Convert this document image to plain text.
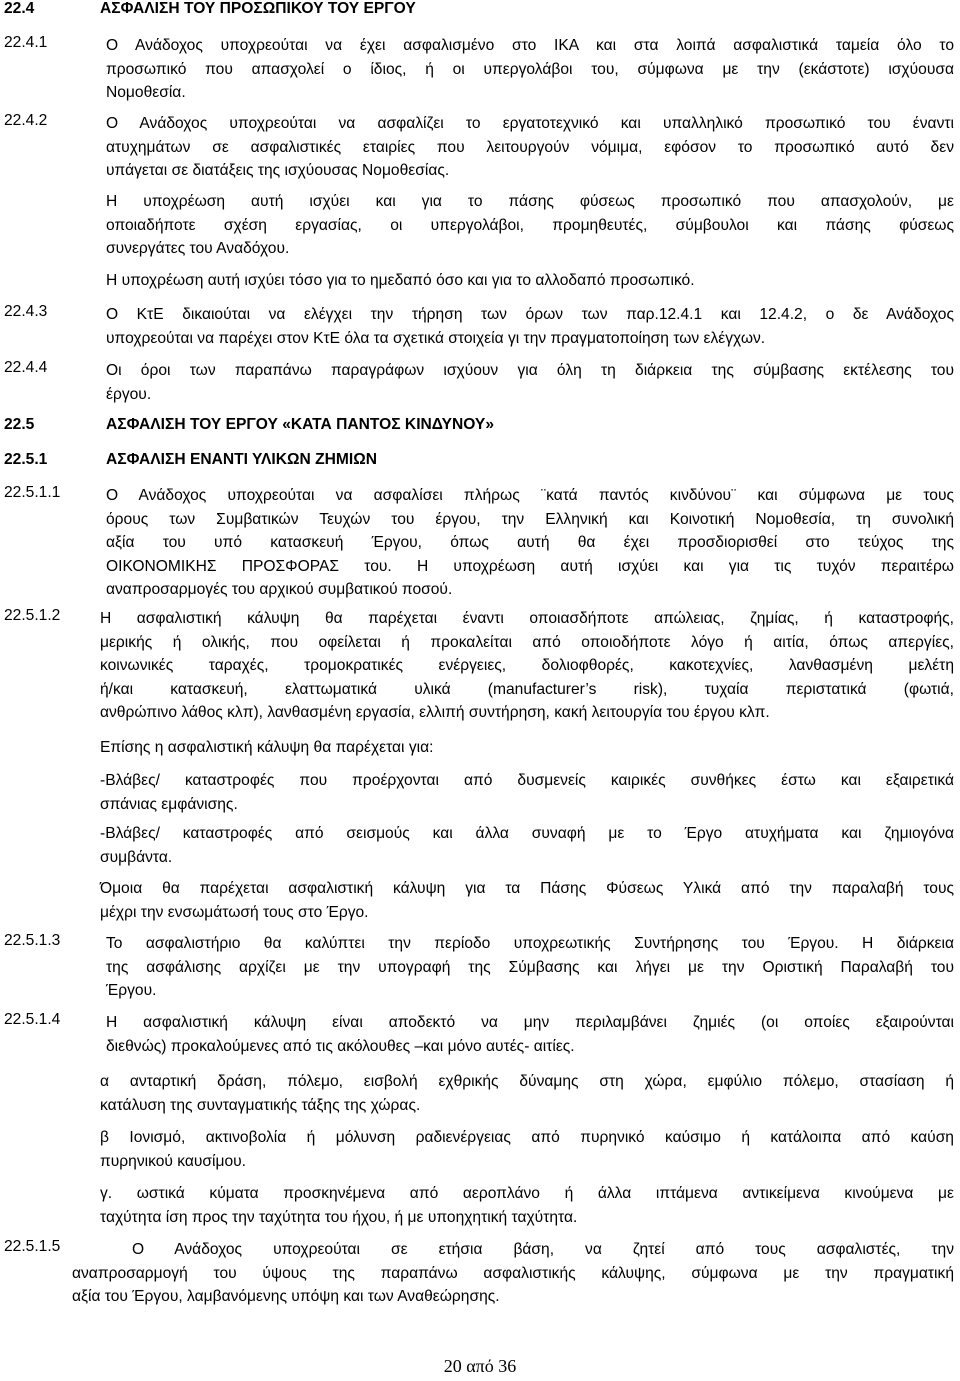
22.4	ΑΣΦΑΛΙΣΗ ΤΟΥ ΠΡΟΣΩΠΙΚΟΥ ΤΟΥ ΕΡΓΟΥ
22.4.1	Ο Ανάδοχος υποχρεούται να έχει ασφαλισμένο στο ΙΚΑ και στα λοιπά ασφαλιστικά ταμεία όλο το
προσωπικό που απασχολεί ο ίδιος, ή οι υπεργολάβοι του, σύμφωνα με την (εκάστοτε) ισχύουσα
Νομοθεσία.
22.4.2	Ο Ανάδοχος υποχρεούται να ασφαλίζει το εργατοτεχνικό και υπαλληλικό προσωπικό του έναντι
ατυχημάτων σε ασφαλιστικές εταιρίες που λειτουργούν νόμιμα, εφόσον το προσωπικό αυτό δεν
υπάγεται σε διατάξεις της ισχύουσας Νομοθεσίας.
Η υποχρέωση αυτή ισχύει και για το πάσης φύσεως προσωπικό που απασχολούν, με
οποιαδήποτε σχέση εργασίας, οι υπεργολάβοι, προμηθευτές, σύμβουλοι και πάσης φύσεως
συνεργάτες του Αναδόχου.
Η υποχρέωση αυτή ισχύει τόσο για το ημεδαπό όσο και για το αλλοδαπό προσωπικό.
22.4.3	Ο ΚτΕ δικαιούται να ελέγχει την τήρηση των όρων των παρ.12.4.1 και 12.4.2, ο δε Ανάδοχος
υποχρεούται να παρέχει στον ΚτΕ όλα τα σχετικά στοιχεία γι την πραγματοποίηση των ελέγχων.
22.4.4	Οι όροι των παραπάνω παραγράφων ισχύουν για όλη τη διάρκεια της σύμβασης εκτέλεσης του
έργου.
22.5	ΑΣΦΑΛΙΣΗ ΤΟΥ ΕΡΓΟΥ «ΚΑΤΑ ΠΑΝΤΟΣ ΚΙΝΔΥΝΟΥ»
22.5.1	ΑΣΦΑΛΙΣΗ ΕΝΑΝΤΙ ΥΛΙΚΩΝ ΖΗΜΙΩΝ
22.5.1.1	Ο Ανάδοχος υποχρεούται να ασφαλίσει πλήρως ¨κατά παντός κινδύνου¨ και σύμφωνα με τους
όρους των Συμβατικών Τευχών του έργου, την Ελληνική και Κοινοτική Νομοθεσία, τη συνολική
αξία του υπό κατασκευή Έργου, όπως αυτή θα έχει προσδιορισθεί στο τεύχος της
ΟΙΚΟΝΟΜΙΚΗΣ ΠΡΟΣΦΟΡΑΣ του. Η υποχρέωση αυτή ισχύει και για τις τυχόν περαιτέρω
αναπροσαρμογές του αρχικού συμβατικού ποσού.
22.5.1.2	Η ασφαλιστική κάλυψη θα παρέχεται έναντι οποιασδήποτε απώλειας, ζημίας, ή καταστροφής,
μερικής ή ολικής, που οφείλεται ή προκαλείται από οποιοδήποτε λόγο ή αιτία, όπως απεργίες,
κοινωνικές ταραχές, τρομοκρατικές ενέργειες, δολιοφθορές, κακοτεχνίες, λανθασμένη μελέτη
ή/και κατασκευή, ελαττωματικά υλικά (manufacturer’s risk), τυχαία περιστατικά (φωτιά,
ανθρώπινο λάθος κλπ), λανθασμένη εργασία, ελλιπή συντήρηση, κακή λειτουργία του έργου κλπ.
Επίσης η ασφαλιστική κάλυψη θα παρέχεται για:
-Βλάβες/ καταστροφές που προέρχονται από δυσμενείς καιρικές συνθήκες έστω και εξαιρετικά
σπάνιας εμφάνισης.
-Βλάβες/ καταστροφές από σεισμούς και άλλα συναφή με το Έργο ατυχήματα και ζημιογόνα
συμβάντα.
Όμοια θα παρέχεται ασφαλιστική κάλυψη για τα Πάσης Φύσεως Υλικά από την παραλαβή τους
μέχρι την ενσωμάτωσή τους στο Έργο.
22.5.1.3	Το ασφαλιστήριο θα καλύπτει την περίοδο υποχρεωτικής Συντήρησης του Έργου. Η διάρκεια
της ασφάλισης αρχίζει με την υπογραφή της Σύμβασης και λήγει με την Οριστική Παραλαβή του
Έργου.
22.5.1.4	Η ασφαλιστική κάλυψη είναι αποδεκτό να μην περιλαμβάνει ζημιές (οι οποίες εξαιρούνται
διεθνώς) προκαλούμενες από τις ακόλουθες –και μόνο αυτές- αιτίες.
α ανταρτική δράση, πόλεμο, εισβολή εχθρικής δύναμης στη χώρα, εμφύλιο πόλεμο, στασίαση ή
κατάλυση της συνταγματικής τάξης της χώρας.
β Ιονισμό, ακτινοβολία ή μόλυνση ραδιενέργειας από πυρηνικό καύσιμο ή κατάλοιπα από καύση
πυρηνικού καυσίμου.
γ. ωστικά κύματα προσκηνέμενα από αεροπλάνο ή άλλα ιπτάμενα αντικείμενα κινούμενα με
ταχύτητα ίση προς την ταχύτητα του ήχου, ή με υποηχητική ταχύτητα.
22.5.1.5	Ο Ανάδοχος υποχρεούται σε ετήσια βάση, να ζητεί από τους ασφαλιστές, την
αναπροσαρμογή του ύψους της παραπάνω ασφαλιστικής κάλυψης, σύμφωνα με την πραγματική
αξία του Έργου, λαμβανόμενης υπόψη και των Αναθεώρησης.
20 από 36
